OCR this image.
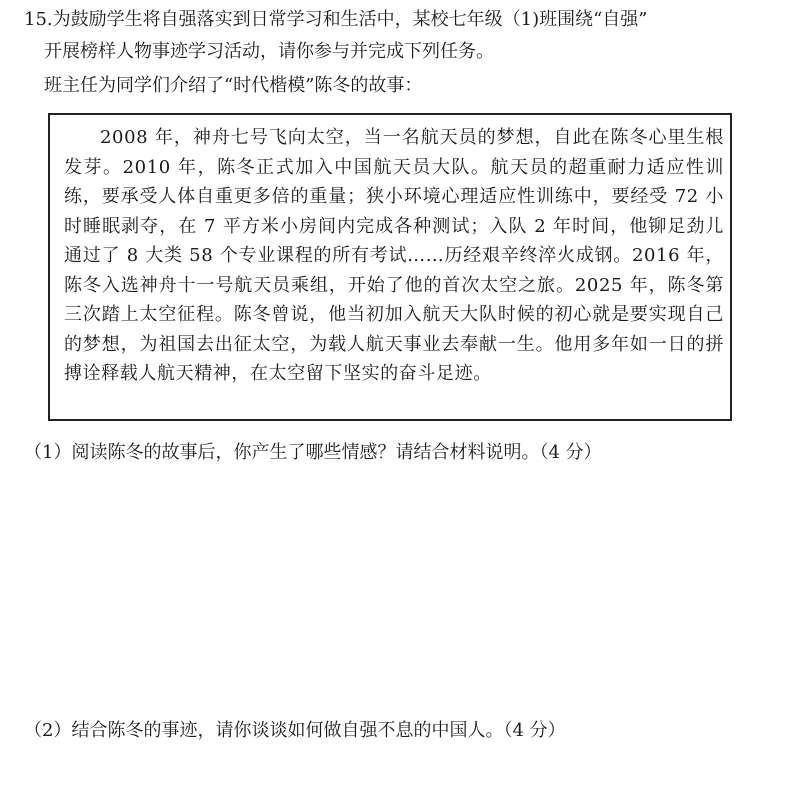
15.为鼓励学生将自强落实到日常学习和生活中，某校七年级（1)班围绕“自强”
开展榜样人物事迹学习活动，请你参与并完成下列任务。
班主任为同学们介绍了“时代楷模”陈冬的故事：
2008 年，神舟七号飞向太空，当一名航天员的梦想，自此在陈冬心里生根发芽。2010 年，陈冬正式加入中国航天员大队。航天员的超重耐力适应性训练，要承受人体自重更多倍的重量；狭小环境心理适应性训练中，要经受 72 小时睡眠剥夺，在 7 平方米小房间内完成各种测试；入队 2 年时间，他铆足劲儿通过了 8 大类 58 个专业课程的所有考试……历经艰辛终淬火成钢。2016 年，陈冬入选神舟十一号航天员乘组，开始了他的首次太空之旅。2025 年，陈冬第三次踏上太空征程。陈冬曾说，他当初加入航天大队时候的初心就是要实现自己的梦想，为祖国去出征太空，为载人航天事业去奉献一生。他用多年如一日的拼搏诠释载人航天精神，在太空留下坚实的奋斗足迹。
（1）阅读陈冬的故事后，你产生了哪些情感？请结合材料说明。（4 分）
（2）结合陈冬的事迹，请你谈谈如何做自强不息的中国人。（4 分）
